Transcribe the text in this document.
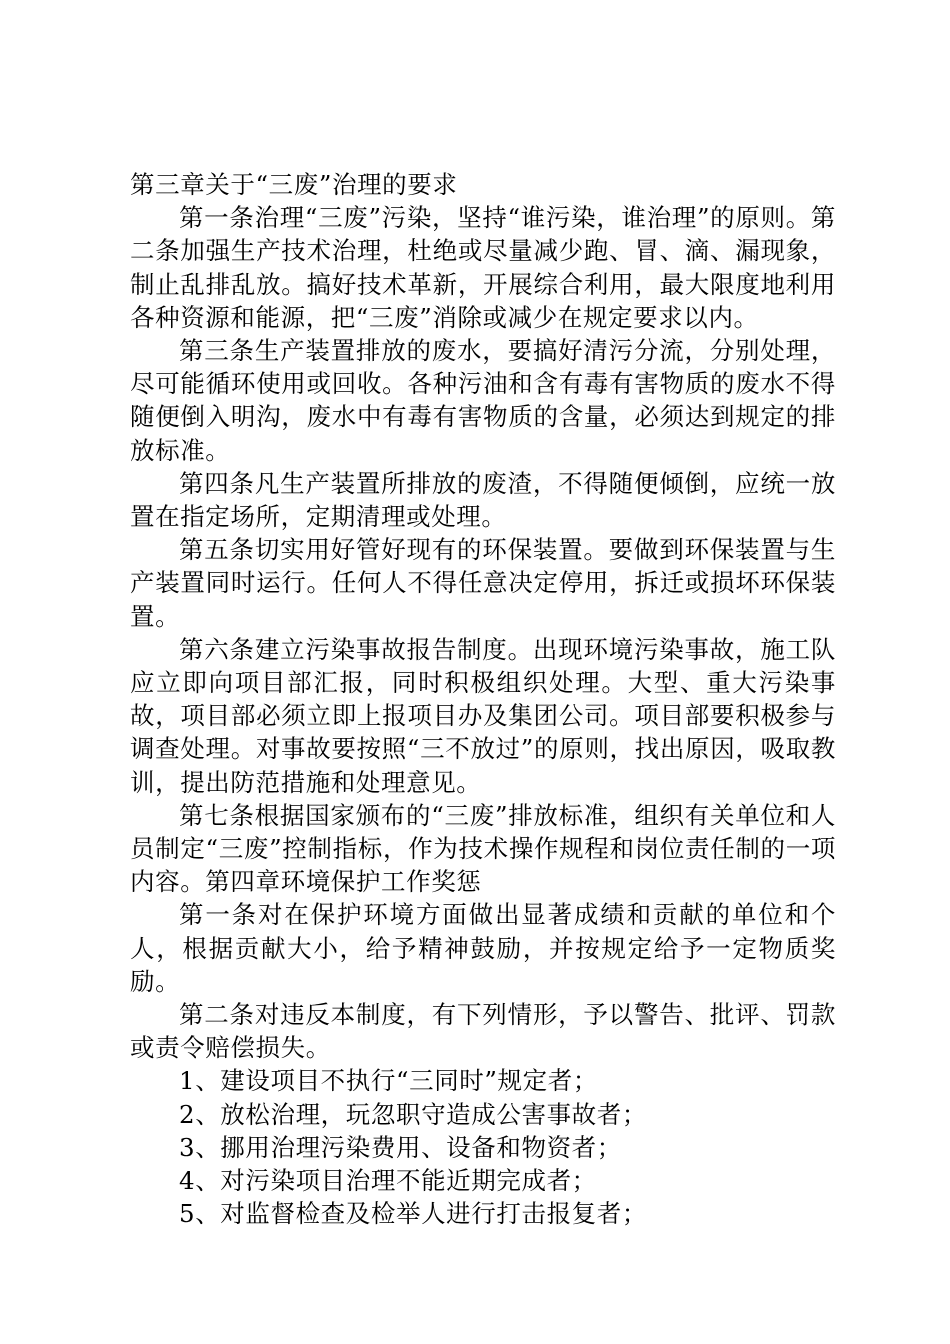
第三章关于“三废”治理的要求

第一条治理“三废”污染，坚持“谁污染，谁治理”的原则。第二条加强生产技术治理，杜绝或尽量减少跑、冒、滴、漏现象，制止乱排乱放。搞好技术革新，开展综合利用，最大限度地利用各种资源和能源，把“三废”消除或减少在规定要求以内。

第三条生产装置排放的废水，要搞好清污分流，分别处理，尽可能循环使用或回收。各种污油和含有毒有害物质的废水不得随便倒入明沟，废水中有毒有害物质的含量，必须达到规定的排放标准。

第四条凡生产装置所排放的废渣，不得随便倾倒，应统一放置在指定场所，定期清理或处理。

第五条切实用好管好现有的环保装置。要做到环保装置与生产装置同时运行。任何人不得任意决定停用，拆迁或损坏环保装置。

第六条建立污染事故报告制度。出现环境污染事故，施工队应立即向项目部汇报，同时积极组织处理。大型、重大污染事故，项目部必须立即上报项目办及集团公司。项目部要积极参与调查处理。对事故要按照“三不放过”的原则，找出原因，吸取教训，提出防范措施和处理意见。

第七条根据国家颁布的“三废”排放标准，组织有关单位和人员制定“三废”控制指标，作为技术操作规程和岗位责任制的一项内容。第四章环境保护工作奖惩

第一条对在保护环境方面做出显著成绩和贡献的单位和个人，根据贡献大小，给予精神鼓励，并按规定给予一定物质奖励。

第二条对违反本制度，有下列情形，予以警告、批评、罚款或责令赔偿损失。

1、建设项目不执行“三同时”规定者；

2、放松治理，玩忽职守造成公害事故者；

3、挪用治理污染费用、设备和物资者；

4、对污染项目治理不能近期完成者；

5、对监督检查及检举人进行打击报复者；
